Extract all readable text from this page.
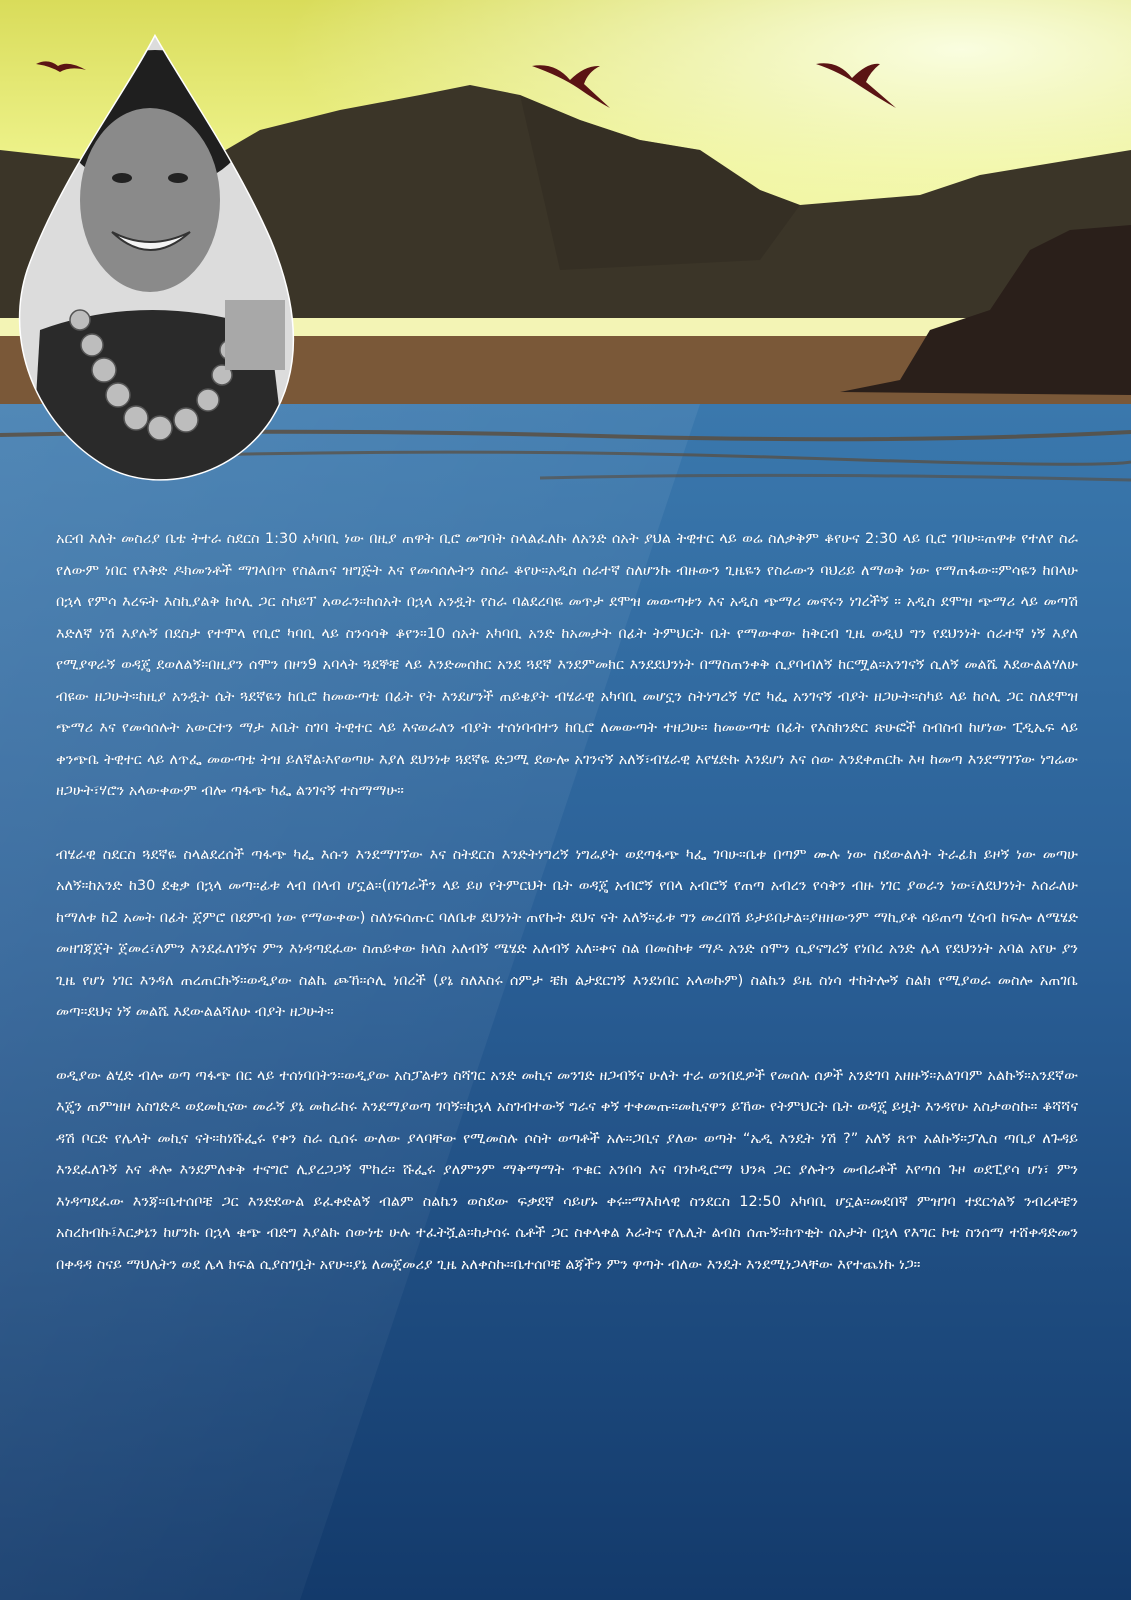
አርብ እለት መስሪያ ቤቴ ትተራ ስደርስ 1:30 አካባቢ ነው በዚያ ጠዋት ቢሮ መግባት ስላልፈለኩ ለአንድ ሰአት ያህል ትዊተር ላይ ወሬ ስለቃቅም ቆየሁና 2:30 ላይ ቢሮ ገባሁ።ጠዋቱ የተለየ ስራ የለውም ነበር የእቅድ ዶክመንቶች ማገላበጥ የስልጠና ዝግጅት እና የመሳሰሉትን ስሰራ ቆየሁ።አዲስ ሰራተኛ ስለሆንኩ ብዙውን ጊዜዬን የስራውን ባህሪይ ለማወቅ ነው የማጠፋው።ምሳዬን ከበላሁ በኋላ የምሳ እረፍት እስኪያልቅ ከሶሊ ጋር ስካይፕ አወራን።ከሰአት በኋላ አንዷት የስራ ባልደረባዬ መጥታ ደሞዝ መውጣቱን እና አዲስ ጭማሪ መኖሩን ነገረችኝ ። አዲስ ደሞዝ ጭማሪ ላይ መጣሽ እድለኛ ነሽ እያሉኝ በደስታ የተሞላ የቢሮ ካባቢ ላይ ስንሳሳቅ ቆየን።10 ሰአት አካባቢ አንድ ከአመታት በፊት ትምህርት ቤት የማውቀው ከቅርብ ጊዜ ወዲህ ግን የደህንነት ሰራተኛ ነኝ እያለ የሚያዋራኝ ወዳጄ ደወለልኝ።በዚያን ሰሞን በዞን9 አባላት ጓደኞቼ ላይ እንድመሰክር አንደ ጓደኛ እንደምመክር እንደደህንነት በማስጠንቀቅ ሲያባብለኝ ከርሟል።አንገናኝ ሲለኝ መልሼ እደውልልሃለሁ ብዩው ዘጋሁት።ከዚያ አንዷት ሴት ጓደኛዬን ከቢሮ ከመውጣቴ በፊት የት እንደሆንች ጠይቄያት ብሄራዊ አካባቢ መሆኗን ስትነግረኝ ሃሮ ካፌ አንገናኝ ብያት ዘጋሁት።ስካይ ላይ ከሶሊ ጋር ስለደሞዝ ጭማሪ እና የመሳሰሉት አውርተን ማታ እቤት ስገባ ትዊተር ላይ እናወራለን ብያት ተሰነባብተን ከቢሮ ለመውጣት ተዘጋሁ። ከመውጣቴ በፊት የእስክንድር ጽሁፎች ስብስብ ከሆነው ፒዲኤፍ ላይ ቀንጭቤ ትዊተር ላይ ለጥፌ መውጣቴ ትዝ ይለኛል፡እየወጣሁ እያለ ደህንነቱ ጓደኛዬ ድጋሚ ደውሎ አገንናኝ አለኝ፣ብሄራዊ እየሄድኩ እንደሆነ እና ሰው እንደቀጠርኩ እዛ ከመጣ እንደማገኘው ነግሬው ዘጋሁት፣ሃሮን አላውቀውም ብሎ ጣፋጭ ካፌ ልንገናኝ ተስማማሁ።

ብሄራዊ ስደርስ ጓደኛዬ ስላልደረሰች ጣፋጭ ካፌ እሱን እንደማገኘው እና ስትደርስ እንድትነግረኝ ነግሬያት ወደጣፋጭ ካፌ ገባሁ።ቤቱ በጣም ሙሉ ነው ስደውልለት ትራፊክ ይዞኝ ነው መጣሁ አለኝ።ከአንድ ከ30 ደቂቃ በኋላ መጣ።ፊቱ ላብ በላብ ሆኗል።(በነገራችን ላይ ይሀ የትምርህት ቤት ወዳጄ አብሮኝ የበላ አብሮኝ የጠጣ አብረን የሳቅን ብዙ ነገር ያወራን ነው፣ለደህንነት እሰራለሁ ከማለቱ ከ2 አመት በፊት ጀምሮ በደምብ ነው የማውቀው) ስለነፍሰጡር ባለቤቱ ደህንነት ጠየኩት ደህና ናት አለኝ።ፊቱ ግን መረበሽ ይታይበታል፡፡ያዘዘውንም ማኪያቶ ሳይጠጣ ሂሳብ ከፍሎ ለሜሄድ መዘገጃጀት ጀመረ፣ለምን እንደፈለገኝና ምን እነዳጣደፈው ስጠይቀው ክላስ አለብኝ ሜሄድ አለብኝ አለ።ቀና ስል በመስኮቱ ማዶ አንድ ሰሞን ሲያናግረኝ የነበረ አንድ ሌላ የደህንነት አባል አየሁ ያን ጊዜ የሆነ ነገር እንዳለ ጠረጠርኩኝ።ወዲያው ስልኬ ጮኸ።ሶሊ ነበረች (ያኔ ስለእስሩ ሰምታ ቼክ ልታደርገኝ እንደነበር አላወኩም) ስልኬን ይዜ ስነሳ ተከትሎኝ ስልክ የሚያወራ መስሎ አጠገቤ መጣ።ደህና ነኝ መልሼ እደውልልሻለሁ ብያት ዘጋሁት።

ወዲያው ልሂድ ብሎ ወጣ ጣፋጭ በር ላይ ተሰነባበትን።ወዲያው አስፓልቱን ስሻገር አንድ መኪና መንገድ ዘጋብኝና ሁለት ተራ ወንበዴዎች የመሰሉ ሰዎች አንድገባ አዘዙኝ።አልገባም አልኩኝ።አንደኛው እጄን ጠምዝዞ አስገድዶ ወደመኪናው መራኝ ያኔ መከራከሩ እንደማያወጣ ገባኝ።ከኋላ አስገብተውኝ ግራና ቀኝ ተቀመጡ።መኪናዋን ይኸው የትምህርት ቤት ወዳጄ ይዟት እንዳየሁ አስታወስኩ። ቆሻሻና ዳሽ ቦርድ የሌላት መኪና ናት።ከነሹፌሩ የቀን ስራ ሲሰሩ ውለው ያላባቸው የሚመስሉ ሶስት ወጣቶች አሉ።ጋቢና ያለው ወጣት “ኤዲ እንዴት ነሽ ?” አለኝ ጸጥ አልኩኝ።ፓሊስ ጣቢያ ለጉዳይ እንደፈለጉኝ እና ቶሎ እንደምለቀቅ ተናግሮ ሊያረጋጋኝ ሞከረ። ሹፌሩ ያለምንም ማቅማማት ጥቁር አንበሳ እና ባንኮዲሮማ ህንጻ ጋር ያሉትን መብራቶች እየጣሰ ጉዞ ወደፒያሳ ሆነ፣ ምን እነዳጣደፈው እንጃ።ቤተሰቦቼ ጋር እንድደውል ይፈቀድልኝ ብልም ስልኬን ወስደው ፍቃደኛ ሳይሆኑ ቀሩ።ማእከላዊ ስንደርስ 12:50 አካባቢ ሆኗል።መደበኛ ምዝገባ ተደርጎልኝ ንብረቶቼን አስረከብኩ፤እርቃኔን ከሆንኩ በኋላ ቁጭ ብድግ እያልኩ ሰውነቴ ሁሉ ተፈትሿል።ከታሰሩ ሴቶች ጋር ስቀላቀል እራትና የሌሊት ልብስ ሰጡኝ።ከጥቂት ሰአታት በኋላ የእግር ኮቴ ስንሰማ ተሸቀዳድመን በቀዳዳ ስናይ ማህሌትን ወደ ሌላ ክፍል ሲያስገቧት አየሁ።ያኔ ለመጀመሪያ ጊዜ አለቀስኩ።ቤተሰቦቼ ልጃችን ምን ዋጣት ብለው እንዴት እንደሚነጋላቸው እየተጨነኩ ነጋ።
